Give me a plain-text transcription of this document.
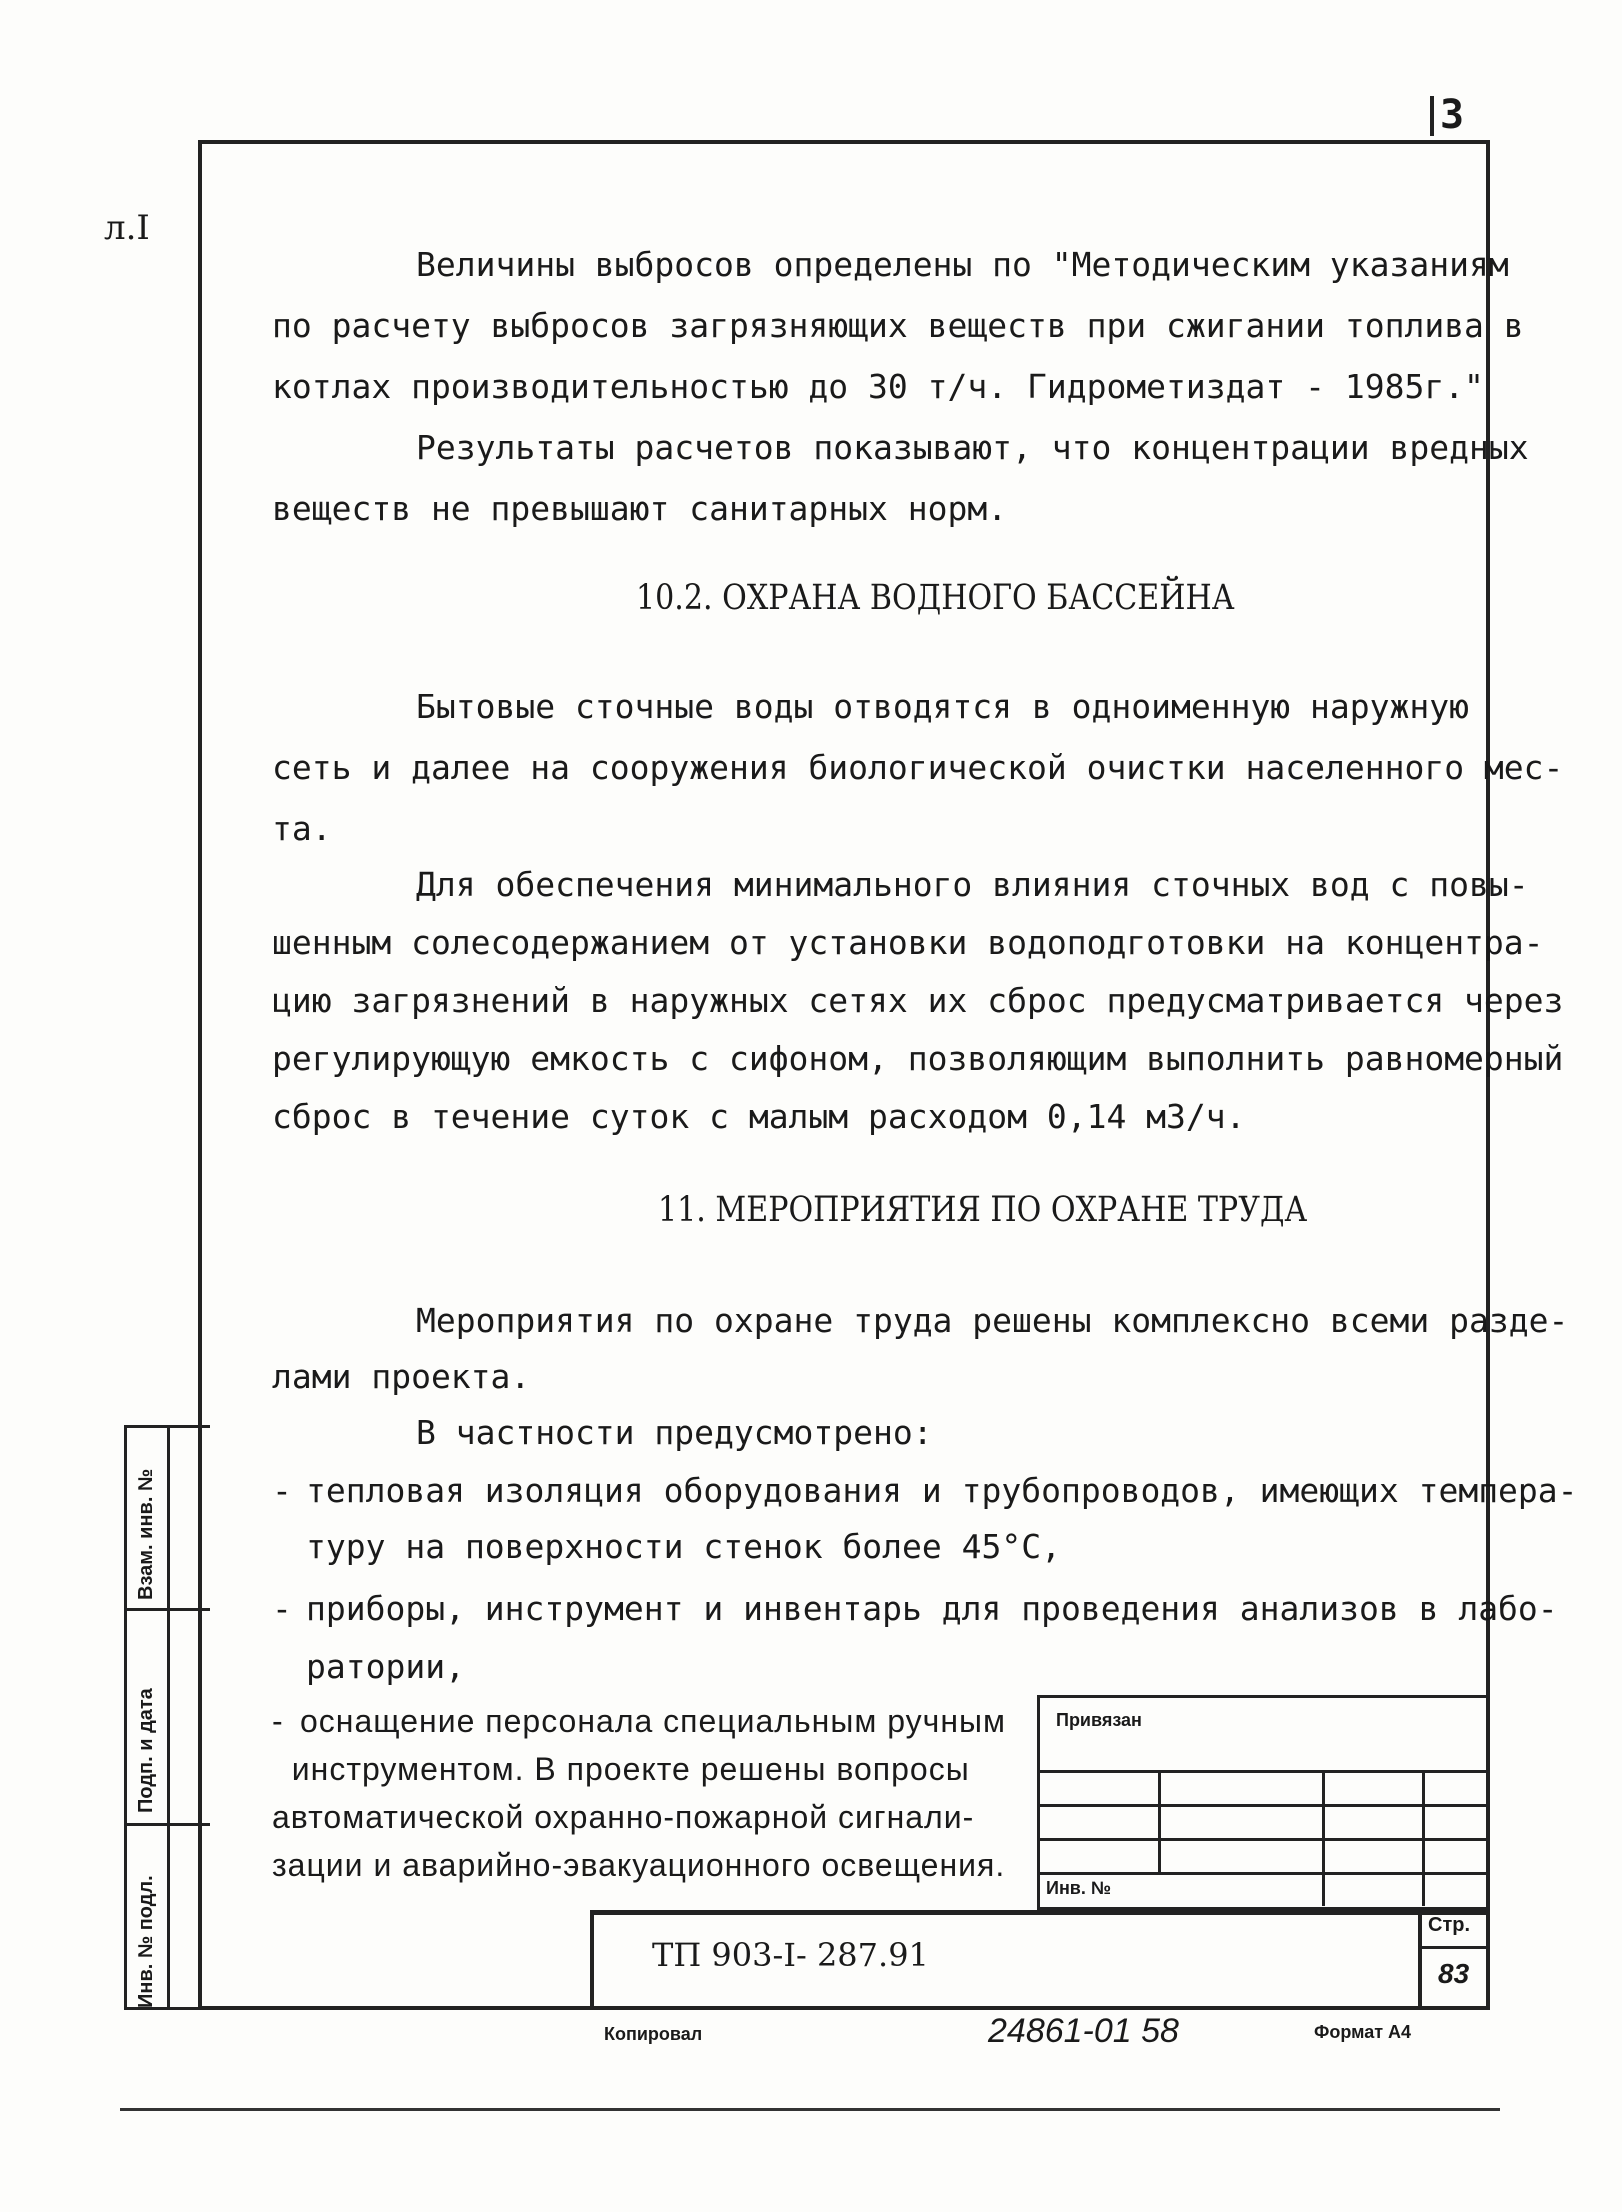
3
л.I
Величины выбросов определены по "Методическим указаниям
по расчету выбросов загрязняющих веществ при сжигании топлива в
котлах производительностью до 30 т/ч. Гидрометиздат - 1985г."
Результаты расчетов показывают, что концентрации вредных
веществ не превышают санитарных норм.
10.2. ОХРАНА ВОДНОГО БАССЕЙНА
Бытовые сточные воды отводятся в одноименную наружную
сеть и далее на сооружения биологической очистки населенного мес-
та.
Для обеспечения минимального влияния сточных вод с повы-
шенным солесодержанием от установки водоподготовки на концентра-
цию загрязнений в наружных сетях их сброс предусматривается через
регулирующую емкость с сифоном, позволяющим выполнить равномерный
сброс в течение суток с малым расходом 0,14 м3/ч.
11. МЕРОПРИЯТИЯ ПО ОХРАНЕ ТРУДА
Мероприятия по охране труда решены комплексно всеми разде-
лами проекта.
В частности предусмотрено:
- тепловая изоляция оборудования и трубопроводов, имеющих темпера-
туру на поверхности стенок более 45°С,
- приборы, инструмент и инвентарь для проведения анализов в лабо-
ратории,
- оснащение персонала специальным ручным
инструментом. В проекте решены вопросы
автоматической охранно-пожарной сигнали-
зации и аварийно-эвакуационного освещения.
Взам. инв. №
Подп. и дата
Инв. № подл.
Привязан
Инв. №
ТП 903-I- 287.91
Стр.
83
Копировал	24861-01 58	Формат А4
